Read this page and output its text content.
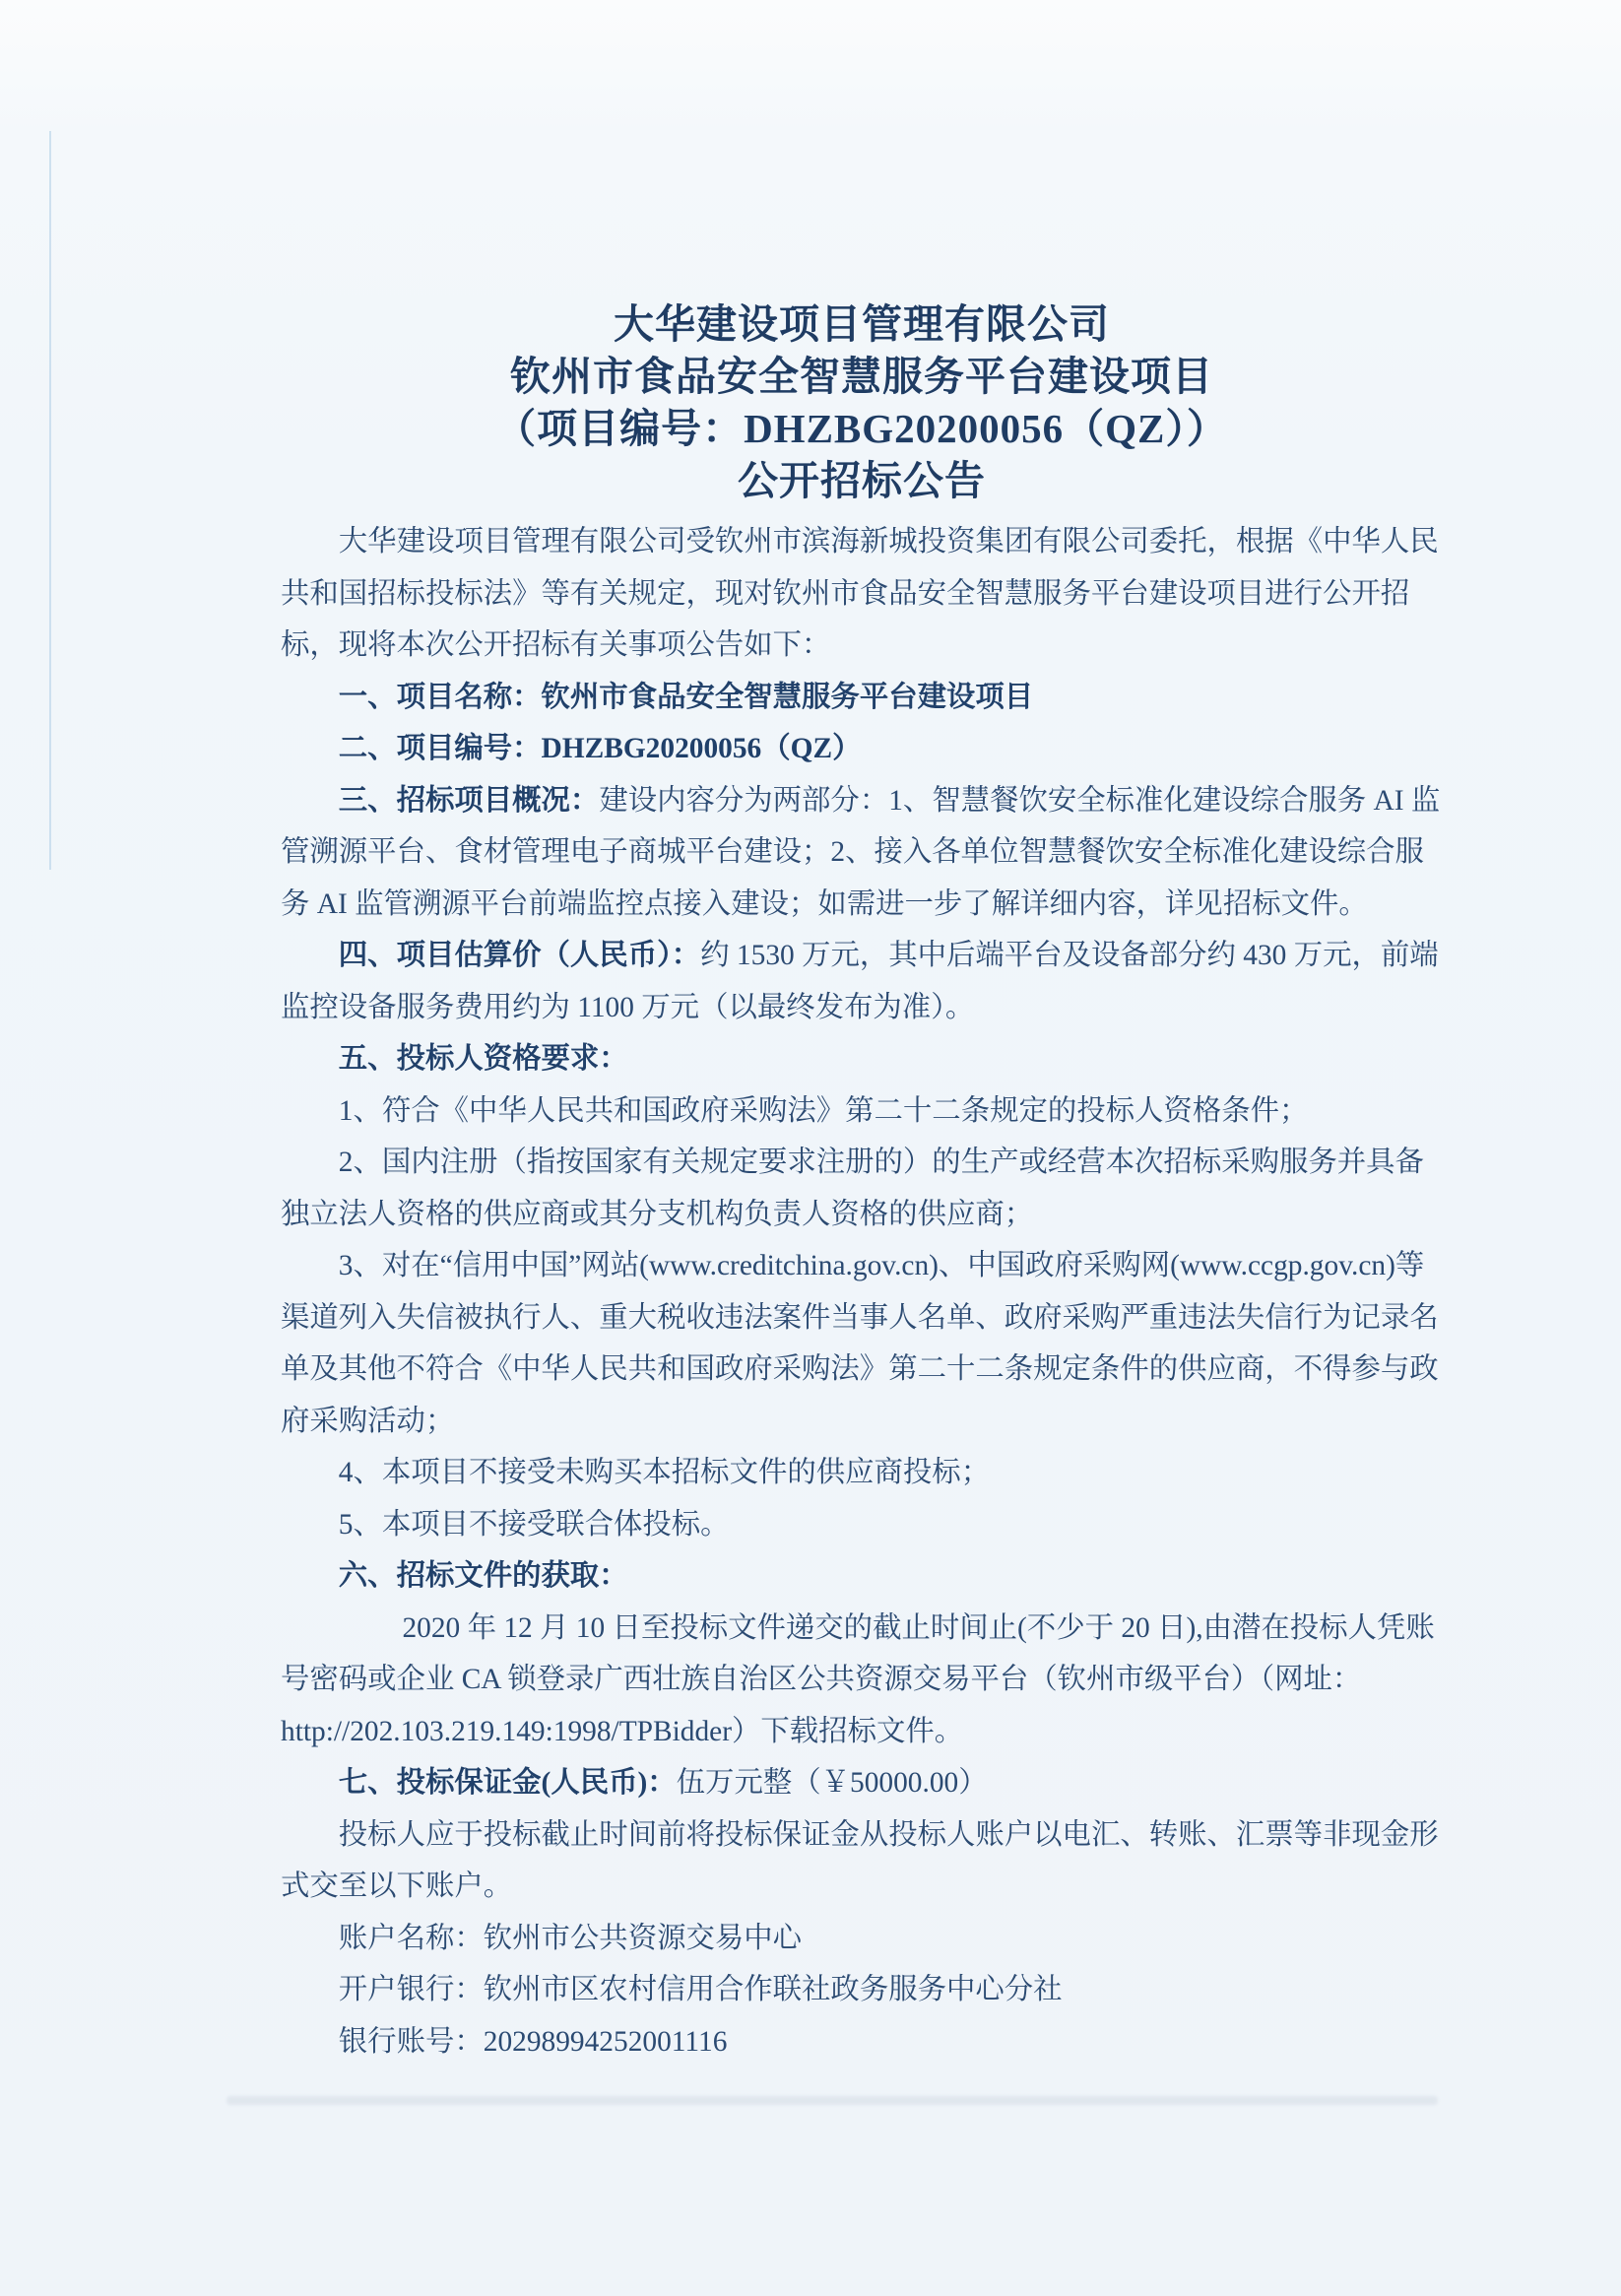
大华建设项目管理有限公司
钦州市食品安全智慧服务平台建设项目
（项目编号：DHZBG20200056（QZ））
公开招标公告

大华建设项目管理有限公司受钦州市滨海新城投资集团有限公司委托，根据《中华人民共和国招标投标法》等有关规定，现对钦州市食品安全智慧服务平台建设项目进行公开招标，现将本次公开招标有关事项公告如下：

一、项目名称：钦州市食品安全智慧服务平台建设项目

二、项目编号：DHZBG20200056（QZ）

三、招标项目概况：建设内容分为两部分：1、智慧餐饮安全标准化建设综合服务 AI 监管溯源平台、食材管理电子商城平台建设；2、接入各单位智慧餐饮安全标准化建设综合服务 AI 监管溯源平台前端监控点接入建设；如需进一步了解详细内容，详见招标文件。

四、项目估算价（人民币）：约 1530 万元，其中后端平台及设备部分约 430 万元，前端监控设备服务费用约为 1100 万元（以最终发布为准）。

五、投标人资格要求：

1、符合《中华人民共和国政府采购法》第二十二条规定的投标人资格条件；

2、国内注册（指按国家有关规定要求注册的）的生产或经营本次招标采购服务并具备独立法人资格的供应商或其分支机构负责人资格的供应商；

3、对在“信用中国”网站(www.creditchina.gov.cn)、中国政府采购网(www.ccgp.gov.cn)等渠道列入失信被执行人、重大税收违法案件当事人名单、政府采购严重违法失信行为记录名单及其他不符合《中华人民共和国政府采购法》第二十二条规定条件的供应商，不得参与政府采购活动；

4、本项目不接受未购买本招标文件的供应商投标；

5、本项目不接受联合体投标。

六、招标文件的获取：

2020 年 12 月 10 日至投标文件递交的截止时间止(不少于 20 日),由潜在投标人凭账号密码或企业 CA 锁登录广西壮族自治区公共资源交易平台（钦州市级平台）（网址：http://202.103.219.149:1998/TPBidder）下载招标文件。

七、投标保证金(人民币)：伍万元整（￥50000.00）

投标人应于投标截止时间前将投标保证金从投标人账户以电汇、转账、汇票等非现金形式交至以下账户。

账户名称：钦州市公共资源交易中心

开户银行：钦州市区农村信用合作联社政务服务中心分社

银行账号：20298994252001116
